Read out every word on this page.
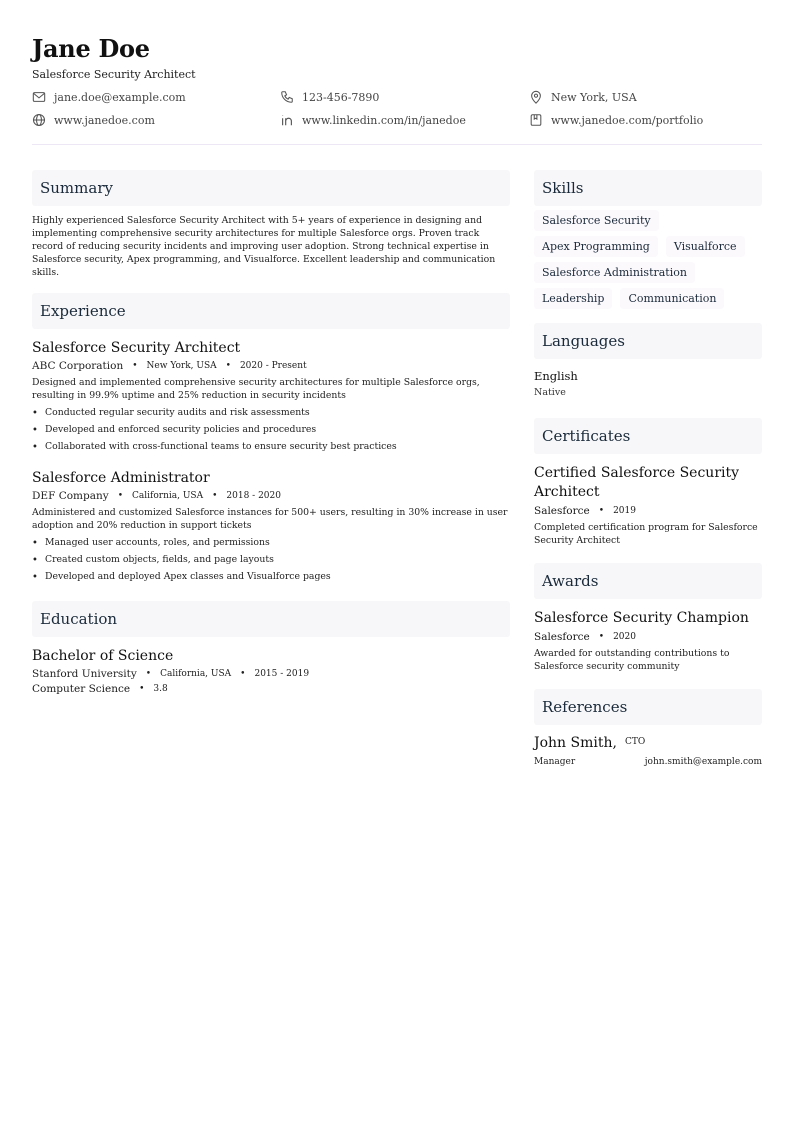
Jane Doe
Salesforce Security Architect
jane.doe@example.com	123-456-7890	New York, USA
www.janedoe.com	www.linkedin.com/in/janedoe	www.janedoe.com/portfolio
Summary

Highly experienced Salesforce Security Architect with 5+ years of experience in designing and implementing comprehensive security architectures for multiple Salesforce orgs. Proven track record of reducing security incidents and improving user adoption. Strong technical expertise in Salesforce security, Apex programming, and Visualforce. Excellent leadership and communication skills.

Experience
Salesforce Security Architect
ABC Corporation • New York, USA • 2020 - Present

Designed and implemented comprehensive security architectures for multiple Salesforce orgs, resulting in 99.9% uptime and 25% reduction in security incidents

• Conducted regular security audits and risk assessments
• Developed and enforced security policies and procedures
• Collaborated with cross-functional teams to ensure security best practices
Salesforce Administrator
DEF Company • California, USA • 2018 - 2020

Administered and customized Salesforce instances for 500+ users, resulting in 30% increase in user adoption and 20% reduction in support tickets

• Managed user accounts, roles, and permissions
• Created custom objects, fields, and page layouts
• Developed and deployed Apex classes and Visualforce pages
Education
Bachelor of Science
Stanford University • California, USA • 2015 - 2019
Computer Science • 3.8
Skills
Salesforce Security
Apex Programming	Visualforce
Salesforce Administration
Leadership	Communication
Languages
English
Native
Certificates
Certified Salesforce Security Architect
Salesforce • 2019

Completed certification program for Salesforce Security Architect

Awards
Salesforce Security Champion
Salesforce • 2020

Awarded for outstanding contributions to Salesforce security community

References
John Smith, CTO
Manager	john.smith@example.com
